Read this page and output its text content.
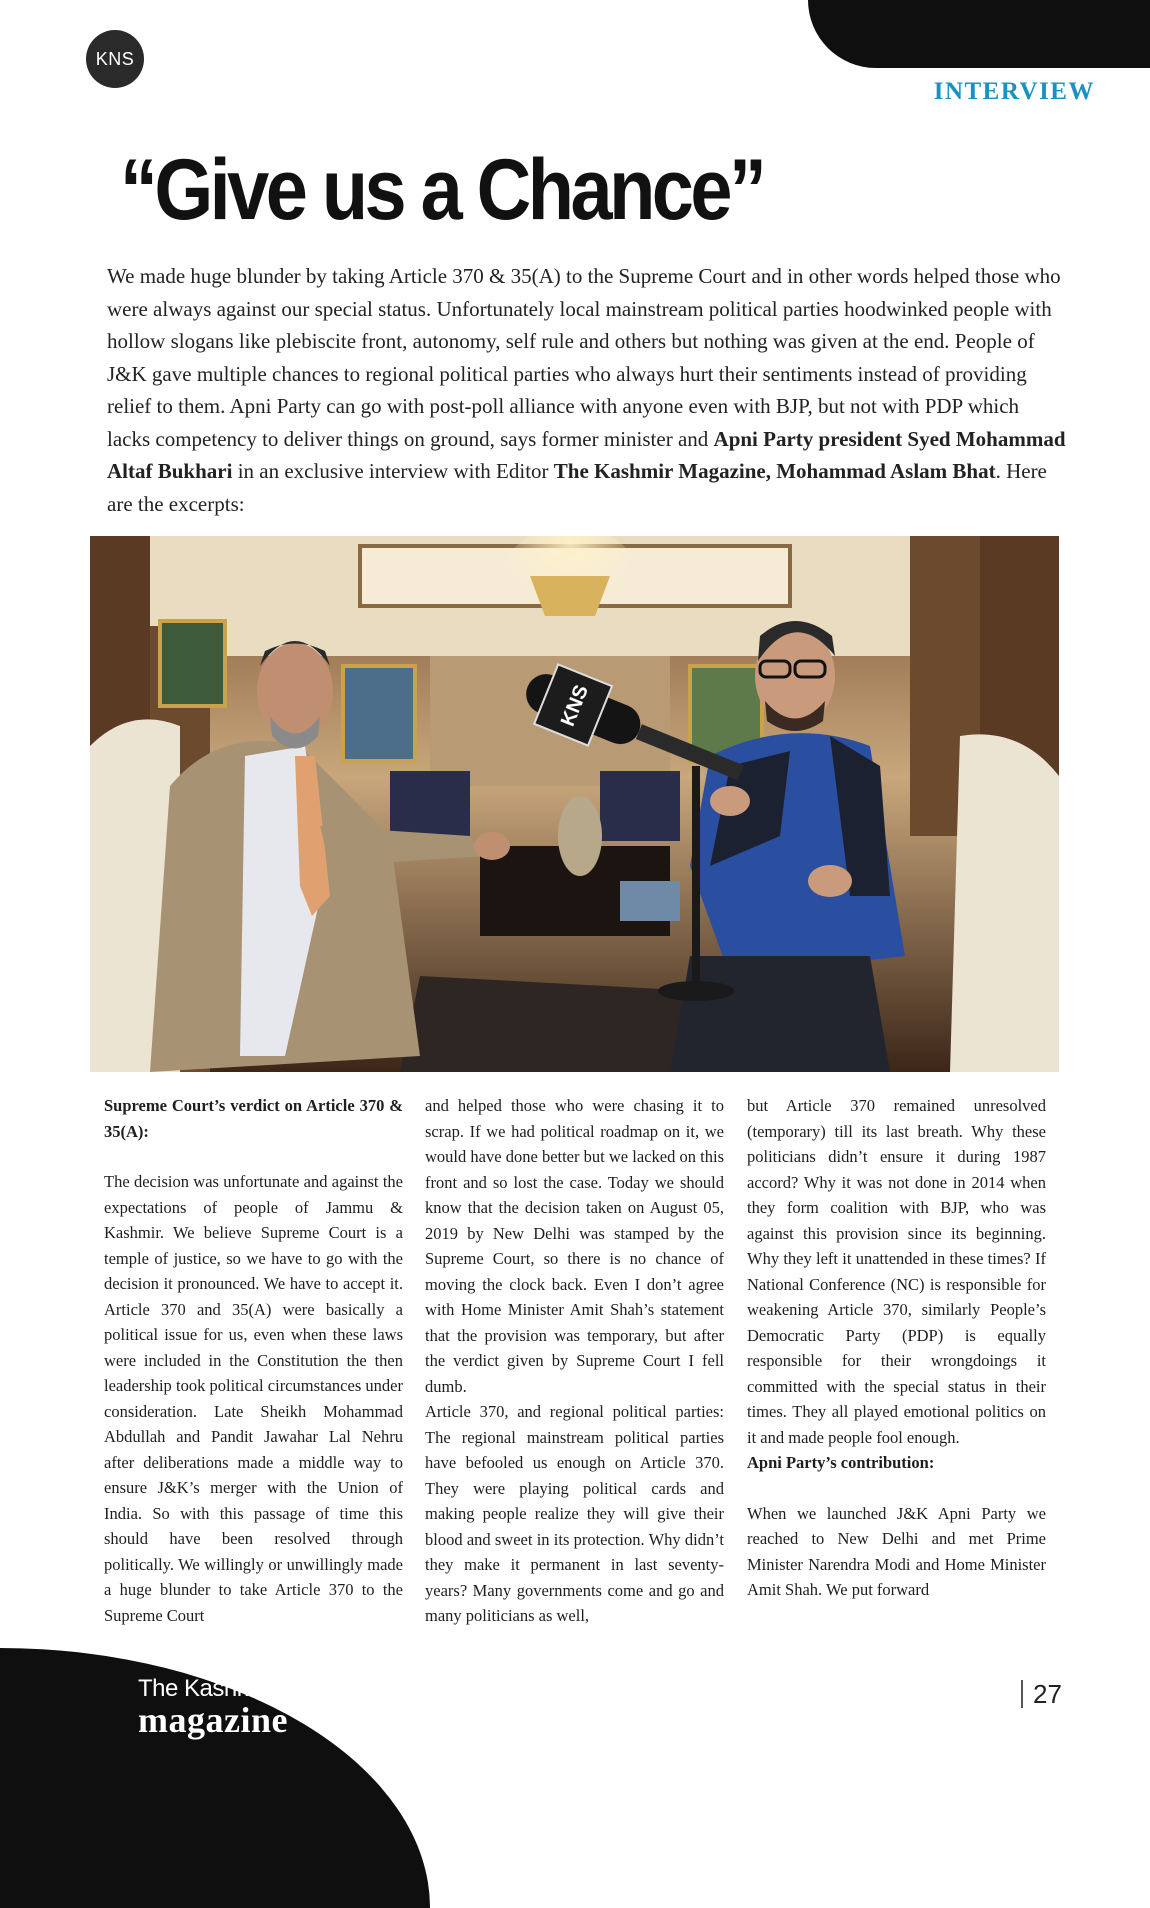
KNS
INTERVIEW
“Give us a Chance”
We made huge blunder by taking Article 370 & 35(A) to the Supreme Court and in other words helped those who were always against our special status. Unfortunately local mainstream political parties hoodwinked people with hollow slogans like plebiscite front, autonomy, self rule and others but nothing was given at the end. People of J&K gave multiple chances to regional political parties who always hurt their sentiments instead of providing relief to them. Apni Party can go with post-poll alliance with anyone even with BJP, but not with PDP which lacks competency to deliver things on ground, says former minister and Apni Party president Syed Mohammad Altaf Bukhari in an exclusive interview with Editor The Kashmir Magazine, Mohammad Aslam Bhat. Here are the excerpts:
KNS

Supreme Court’s verdict on Article 370 & 35(A):

The decision was unfortunate and against the expectations of people of Jammu & Kashmir. We believe Supreme Court is a temple of justice, so we have to go with the decision it pronounced. We have to accept it. Article 370 and 35(A) were basically a political issue for us, even when these laws were included in the Constitution the then leadership took political circumstances under consideration. Late Sheikh Mohammad Abdullah and Pandit Jawahar Lal Nehru after deliberations made a middle way to ensure J&K’s merger with the Union of India. So with this passage of time this should have been resolved through politically. We willingly or unwillingly made a huge blunder to take Article 370 to the Supreme Court

and helped those who were chasing it to scrap. If we had political roadmap on it, we would have done better but we lacked on this front and so lost the case. Today we should know that the decision taken on August 05, 2019 by New Delhi was stamped by the Supreme Court, so there is no chance of moving the clock back. Even I don’t agree with Home Minister Amit Shah’s statement that the provision was temporary, but after the verdict given by Supreme Court I fell dumb.

Article 370, and regional political parties: The regional mainstream political parties have befooled us enough on Article 370. They were playing political cards and making people realize they will give their blood and sweet in its protection. Why didn’t they make it permanent in last seventy-years? Many governments come and go and many politicians as well,

but Article 370 remained unresolved (temporary) till its last breath. Why these politicians didn’t ensure it during 1987 accord? Why it was not done in 2014 when they form coalition with BJP, who was against this provision since its beginning. Why they left it unattended in these times? If National Conference (NC) is responsible for weakening Article 370, similarly People’s Democratic Party (PDP) is equally responsible for their wrongdoings it committed with the special status in their times. They all played emotional politics on it and made people fool enough.

Apni Party’s contribution:

When we launched J&K Apni Party we reached to New Delhi and met Prime Minister Narendra Modi and Home Minister Amit Shah. We put forward

The Kashmir
magazine
27
